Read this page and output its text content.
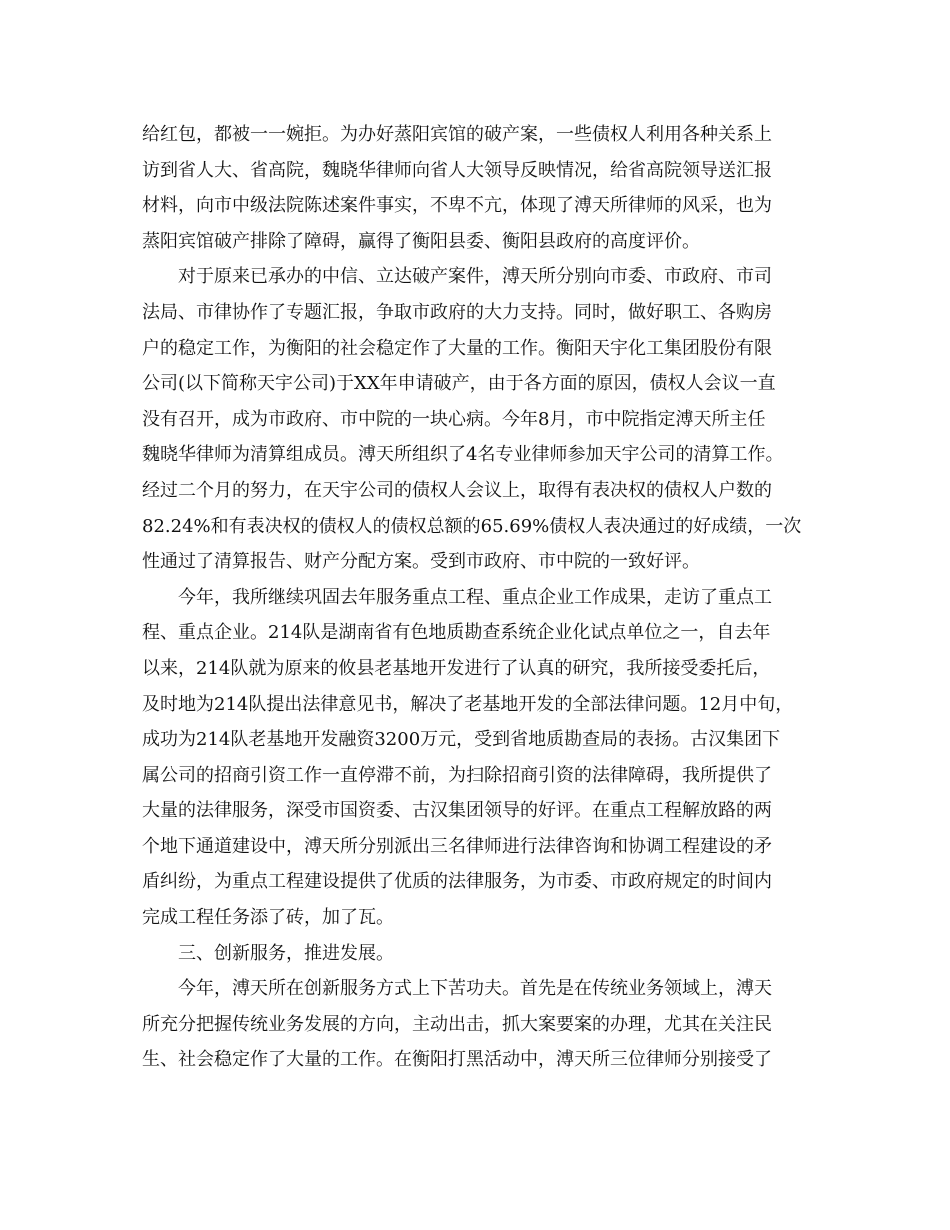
给红包，都被一一婉拒。为办好蒸阳宾馆的破产案，一些债权人利用各种关系上
访到省人大、省高院，魏晓华律师向省人大领导反映情况，给省高院领导送汇报
材料，向市中级法院陈述案件事实，不卑不亢，体现了溥天所律师的风采，也为
蒸阳宾馆破产排除了障碍，赢得了衡阳县委、衡阳县政府的高度评价。
对于原来已承办的中信、立达破产案件，溥天所分别向市委、市政府、市司
法局、市律协作了专题汇报，争取市政府的大力支持。同时，做好职工、各购房
户的稳定工作，为衡阳的社会稳定作了大量的工作。衡阳天宇化工集团股份有限
公司(以下简称天宇公司)于XX年申请破产，由于各方面的原因，债权人会议一直
没有召开，成为市政府、市中院的一块心病。今年8月，市中院指定溥天所主任
魏晓华律师为清算组成员。溥天所组织了4名专业律师参加天宇公司的清算工作。
经过二个月的努力，在天宇公司的债权人会议上，取得有表决权的债权人户数的
82.24%和有表决权的债权人的债权总额的65.69%债权人表决通过的好成绩，一次
性通过了清算报告、财产分配方案。受到市政府、市中院的一致好评。
今年，我所继续巩固去年服务重点工程、重点企业工作成果，走访了重点工
程、重点企业。214队是湖南省有色地质勘查系统企业化试点单位之一，自去年
以来，214队就为原来的攸县老基地开发进行了认真的研究，我所接受委托后，
及时地为214队提出法律意见书，解决了老基地开发的全部法律问题。12月中旬，
成功为214队老基地开发融资3200万元，受到省地质勘查局的表扬。古汉集团下
属公司的招商引资工作一直停滞不前，为扫除招商引资的法律障碍，我所提供了
大量的法律服务，深受市国资委、古汉集团领导的好评。在重点工程解放路的两
个地下通道建设中，溥天所分别派出三名律师进行法律咨询和协调工程建设的矛
盾纠纷，为重点工程建设提供了优质的法律服务，为市委、市政府规定的时间内
完成工程任务添了砖，加了瓦。
三、创新服务，推进发展。
今年，溥天所在创新服务方式上下苦功夫。首先是在传统业务领域上，溥天
所充分把握传统业务发展的方向，主动出击，抓大案要案的办理，尤其在关注民
生、社会稳定作了大量的工作。在衡阳打黑活动中，溥天所三位律师分别接受了
